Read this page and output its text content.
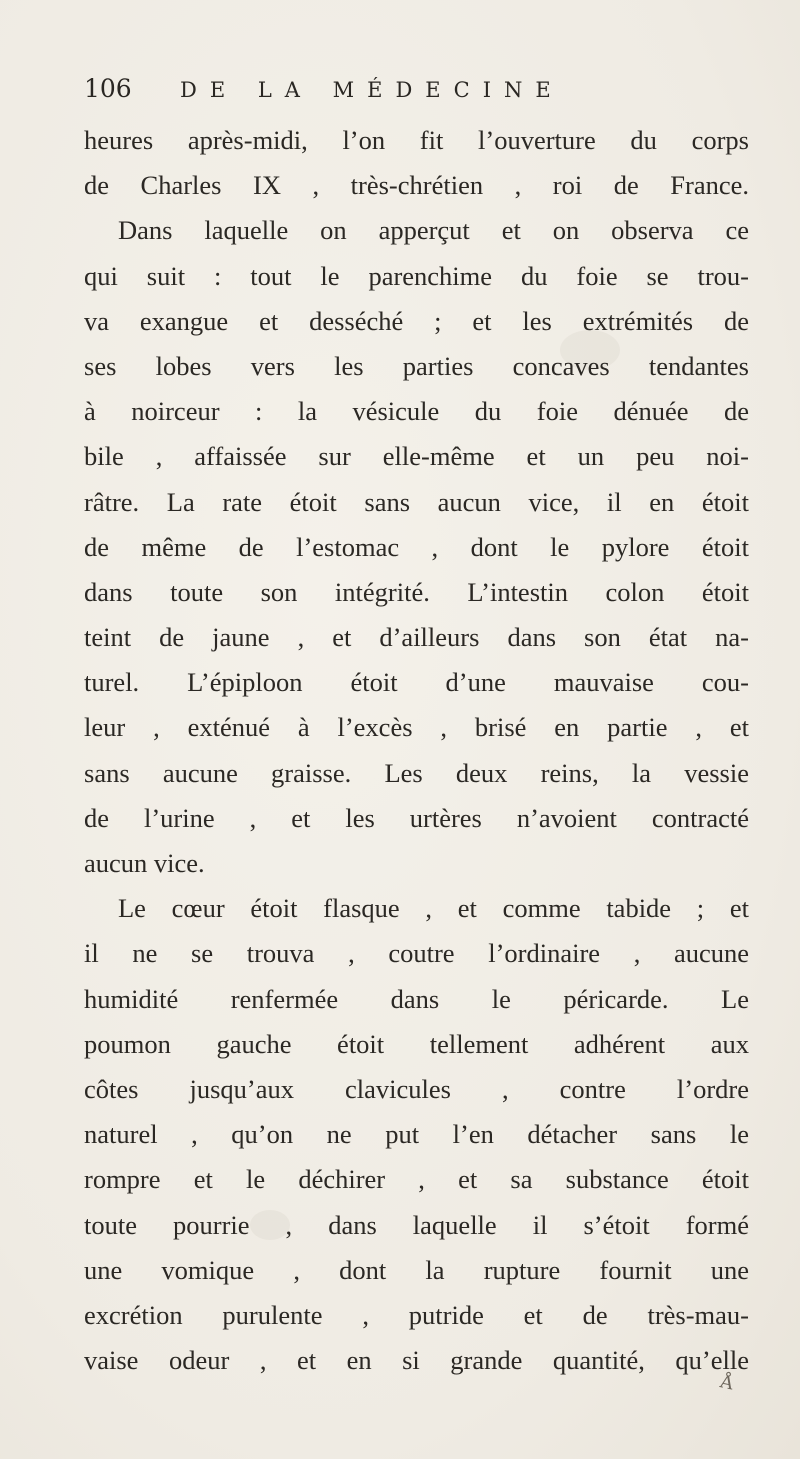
106 DE LA MÉDECINE
heures après-midi, l’on fit l’ouverture du corps
de Charles IX , très-chrétien , roi de France.
Dans laquelle on apperçut et on observa ce
qui suit : tout le parenchime du foie se trou-
va exangue et desséché ; et les extrémités de
ses lobes vers les parties concaves tendantes
à noirceur : la vésicule du foie dénuée de
bile , affaissée sur elle-même et un peu noi-
râtre. La rate étoit sans aucun vice, il en étoit
de même de l’estomac , dont le pylore étoit
dans toute son intégrité. L’intestin colon étoit
teint de jaune , et d’ailleurs dans son état na-
turel. L’épiploon étoit d’une mauvaise cou-
leur , exténué à l’excès , brisé en partie , et
sans aucune graisse. Les deux reins, la vessie
de l’urine , et les urtères n’avoient contracté
aucun vice.
Le cœur étoit flasque , et comme tabide ; et
il ne se trouva , coutre l’ordinaire , aucune
humidité renfermée dans le péricarde. Le
poumon gauche étoit tellement adhérent aux
côtes jusqu’aux clavicules , contre l’ordre
naturel , qu’on ne put l’en détacher sans le
rompre et le déchirer , et sa substance étoit
toute pourrie , dans laquelle il s’étoit formé
une vomique , dont la rupture fournit une
excrétion purulente , putride et de très-mau-
vaise odeur , et en si grande quantité, qu’elle
Å
